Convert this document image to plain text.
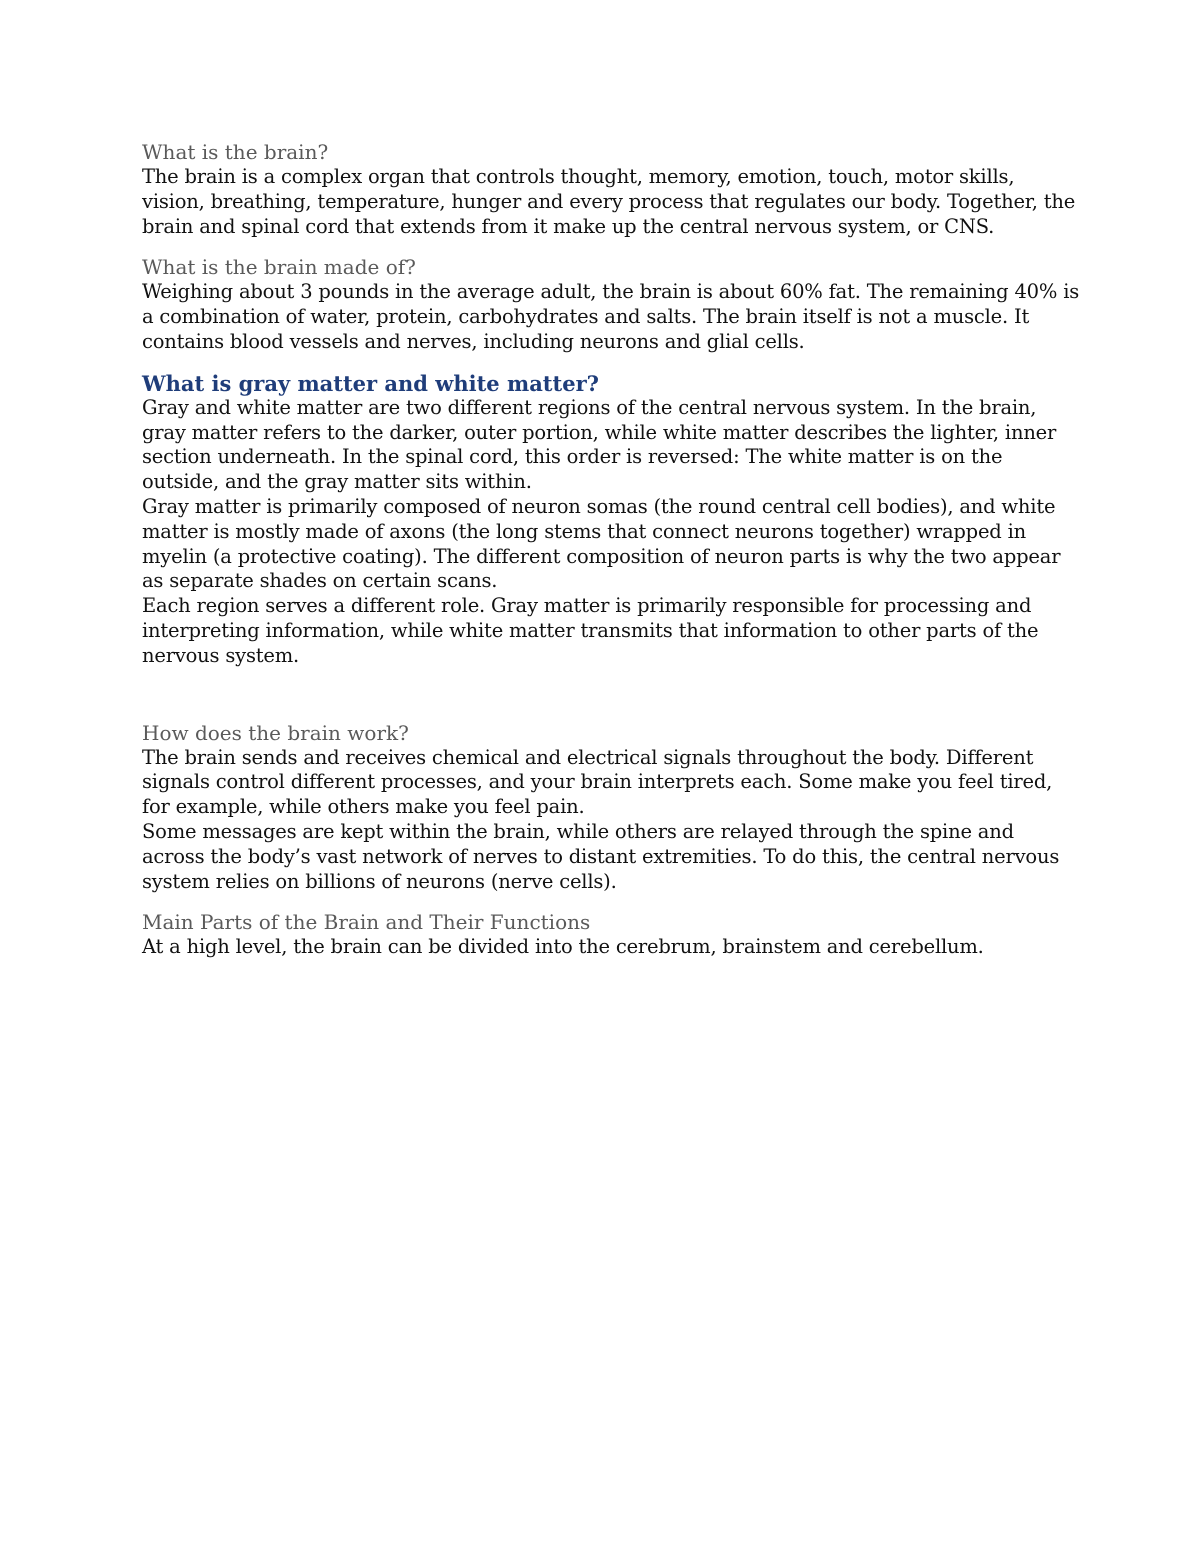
What is the brain?

The brain is a complex organ that controls thought, memory, emotion, touch, motor skills, vision, breathing, temperature, hunger and every process that regulates our body. Together, the brain and spinal cord that extends from it make up the central nervous system, or CNS.

What is the brain made of?

Weighing about 3 pounds in the average adult, the brain is about 60% fat. The remaining 40% is a combination of water, protein, carbohydrates and salts. The brain itself is not a muscle. It contains blood vessels and nerves, including neurons and glial cells.

What is gray matter and white matter?

Gray and white matter are two different regions of the central nervous system. In the brain, gray matter refers to the darker, outer portion, while white matter describes the lighter, inner section underneath. In the spinal cord, this order is reversed: The white matter is on the outside, and the gray matter sits within.

Gray matter is primarily composed of neuron somas (the round central cell bodies), and white matter is mostly made of axons (the long stems that connect neurons together) wrapped in myelin (a protective coating). The different composition of neuron parts is why the two appear as separate shades on certain scans.

Each region serves a different role. Gray matter is primarily responsible for processing and interpreting information, while white matter transmits that information to other parts of the nervous system.

How does the brain work?

The brain sends and receives chemical and electrical signals throughout the body. Different signals control different processes, and your brain interprets each. Some make you feel tired, for example, while others make you feel pain.

Some messages are kept within the brain, while others are relayed through the spine and across the body’s vast network of nerves to distant extremities. To do this, the central nervous system relies on billions of neurons (nerve cells).

Main Parts of the Brain and Their Functions

At a high level, the brain can be divided into the cerebrum, brainstem and cerebellum.
